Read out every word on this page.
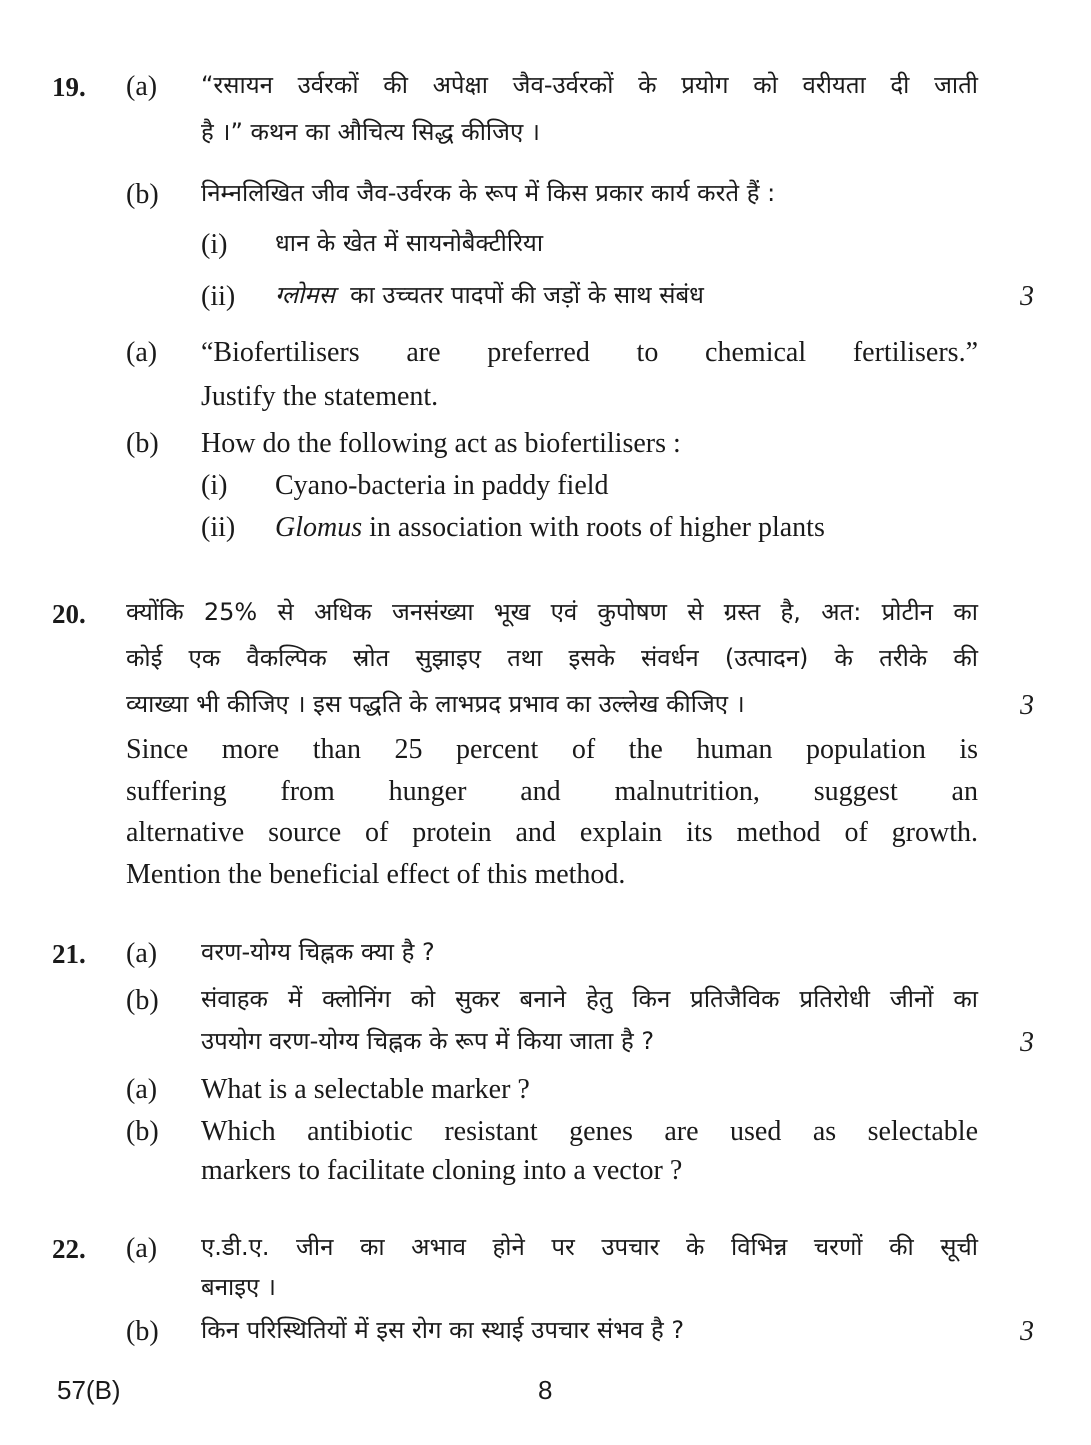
19. (a) “रसायन उर्वरकों की अपेक्षा जैव-उर्वरकों के प्रयोग को वरीयता दी जाती
है ।” कथन का औचित्य सिद्ध कीजिए ।
(b) निम्नलिखित जीव जैव-उर्वरक के रूप में किस प्रकार कार्य करते हैं :
(i) धान के खेत में सायनोबैक्टीरिया
(ii) ग्लोमस का उच्चतर पादपों की जड़ों के साथ संबंध	3
(a) “Biofertilisers are preferred to chemical fertilisers.”
Justify the statement.
(b) How do the following act as biofertilisers :
(i) Cyano-bacteria in paddy field
(ii) Glomus in association with roots of higher plants
20. क्योंकि 25% से अधिक जनसंख्या भूख एवं कुपोषण से ग्रस्त है, अत: प्रोटीन का
कोई एक वैकल्पिक स्रोत सुझाइए तथा इसके संवर्धन (उत्पादन) के तरीके की
व्याख्या भी कीजिए । इस पद्धति के लाभप्रद प्रभाव का उल्लेख कीजिए ।	3
Since more than 25 percent of the human population is
suffering from hunger and malnutrition, suggest an
alternative source of protein and explain its method of growth.
Mention the beneficial effect of this method.
21. (a) वरण-योग्य चिह्नक क्या है ?
(b) संवाहक में क्लोनिंग को सुकर बनाने हेतु किन प्रतिजैविक प्रतिरोधी जीनों का
उपयोग वरण-योग्य चिह्नक के रूप में किया जाता है ?	3
(a) What is a selectable marker ?
(b) Which antibiotic resistant genes are used as selectable
markers to facilitate cloning into a vector ?
22. (a) ए.डी.ए. जीन का अभाव होने पर उपचार के विभिन्न चरणों की सूची
बनाइए ।
(b) किन परिस्थितियों में इस रोग का स्थाई उपचार संभव है ?	3
57(B)	8
